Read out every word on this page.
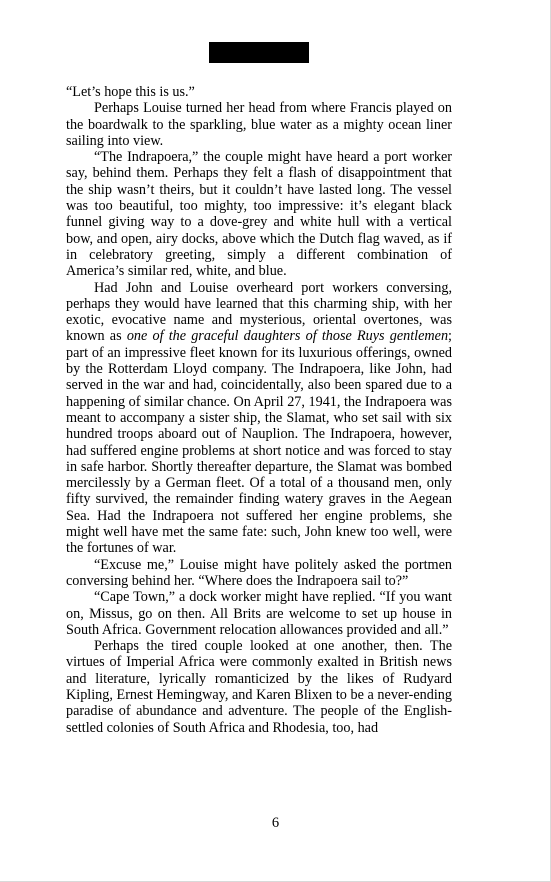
“Let’s hope this is us.”

Perhaps Louise turned her head from where Francis played on the boardwalk to the sparkling, blue water as a mighty ocean liner sailing into view.

“The Indrapoera,” the couple might have heard a port worker say, behind them. Perhaps they felt a flash of disappointment that the ship wasn’t theirs, but it couldn’t have lasted long. The vessel was too beautiful, too mighty, too impressive: it’s elegant black funnel giving way to a dove-grey and white hull with a vertical bow, and open, airy docks, above which the Dutch flag waved, as if in celebratory greeting, simply a different combination of America’s similar red, white, and blue.

Had John and Louise overheard port workers conversing, perhaps they would have learned that this charming ship, with her exotic, evocative name and mysterious, oriental overtones, was known as one of the graceful daughters of those Ruys gentlemen; part of an impressive fleet known for its luxurious offerings, owned by the Rotterdam Lloyd company. The Indrapoera, like John, had served in the war and had, coincidentally, also been spared due to a happening of similar chance. On April 27, 1941, the Indrapoera was meant to accompany a sister ship, the Slamat, who set sail with six hundred troops aboard out of Nauplion. The Indrapoera, however, had suffered engine problems at short notice and was forced to stay in safe harbor. Shortly thereafter departure, the Slamat was bombed mercilessly by a German fleet. Of a total of a thousand men, only fifty survived, the remainder finding watery graves in the Aegean Sea. Had the Indrapoera not suffered her engine problems, she might well have met the same fate: such, John knew too well, were the fortunes of war.

“Excuse me,” Louise might have politely asked the portmen conversing behind her. “Where does the Indrapoera sail to?”

“Cape Town,” a dock worker might have replied. “If you want on, Missus, go on then. All Brits are welcome to set up house in South Africa. Government relocation allowances provided and all.”

Perhaps the tired couple looked at one another, then. The virtues of Imperial Africa were commonly exalted in British news and literature, lyrically romanticized by the likes of Rudyard Kipling, Ernest Hemingway, and Karen Blixen to be a never-ending paradise of abundance and adventure. The people of the English-settled colonies of South Africa and Rhodesia, too, had

6
